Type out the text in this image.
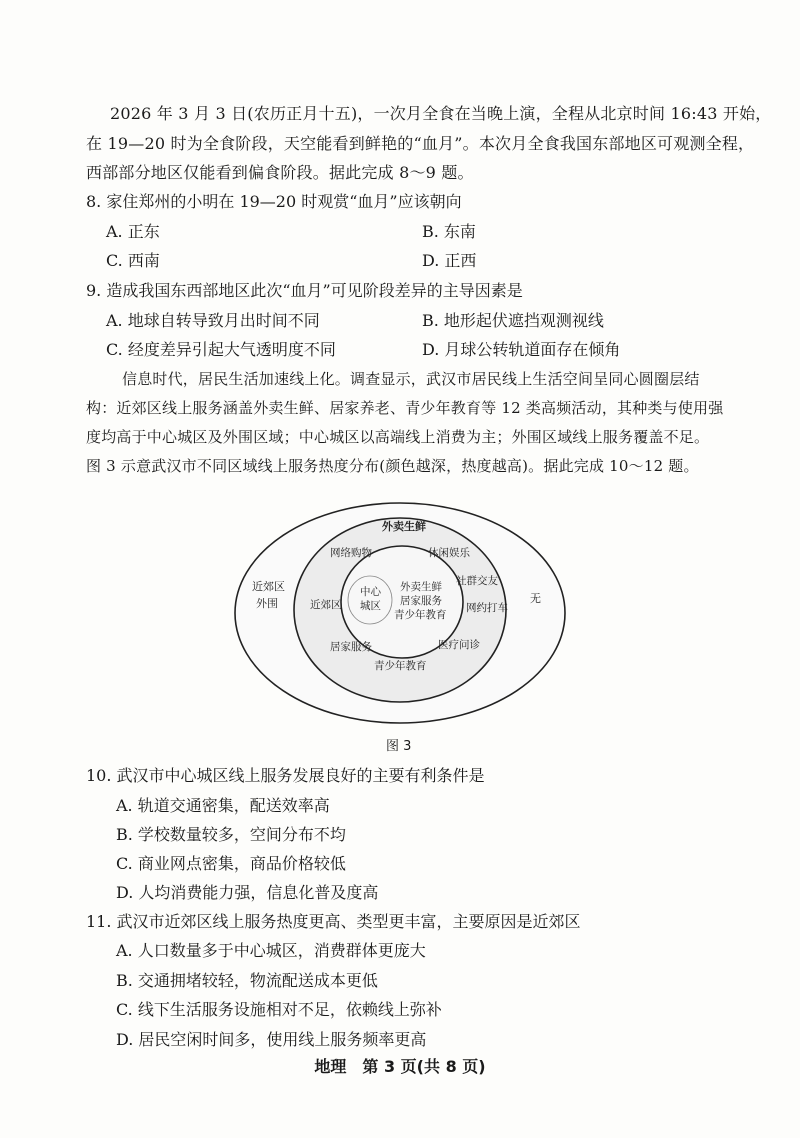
2026 年 3 月 3 日(农历正月十五)，一次月全食在当晚上演，全程从北京时间 16:43 开始，
在 19—20 时为全食阶段，天空能看到鲜艳的“血月”。本次月全食我国东部地区可观测全程，
西部部分地区仅能看到偏食阶段。据此完成 8～9 题。
8. 家住郑州的小明在 19—20 时观赏“血月”应该朝向
A. 正东	B. 东南
C. 西南	D. 正西
9. 造成我国东西部地区此次“血月”可见阶段差异的主导因素是
A. 地球自转导致月出时间不同	B. 地形起伏遮挡观测视线
C. 经度差异引起大气透明度不同	D. 月球公转轨道面存在倾角
信息时代，居民生活加速线上化。调查显示，武汉市居民线上生活空间呈同心圆圈层结
构：近郊区线上服务涵盖外卖生鲜、居家养老、青少年教育等 12 类高频活动，其种类与使用强
度均高于中心城区及外围区域；中心城区以高端线上消费为主；外围区域线上服务覆盖不足。
图 3 示意武汉市不同区域线上服务热度分布(颜色越深，热度越高)。据此完成 10～12 题。
近郊区
外围	无
外卖生鲜
网络购物	休闲娱乐
社群交友
网约打车
医疗问诊
青少年教育
居家服务
近郊区
中心
城区
外卖生鲜
居家服务
青少年教育
图 3
10. 武汉市中心城区线上服务发展良好的主要有利条件是
A. 轨道交通密集，配送效率高
B. 学校数量较多，空间分布不均
C. 商业网点密集，商品价格较低
D. 人均消费能力强，信息化普及度高
11. 武汉市近郊区线上服务热度更高、类型更丰富，主要原因是近郊区
A. 人口数量多于中心城区，消费群体更庞大
B. 交通拥堵较轻，物流配送成本更低
C. 线下生活服务设施相对不足，依赖线上弥补
D. 居民空闲时间多，使用线上服务频率更高
地理　第 3 页(共 8 页)
